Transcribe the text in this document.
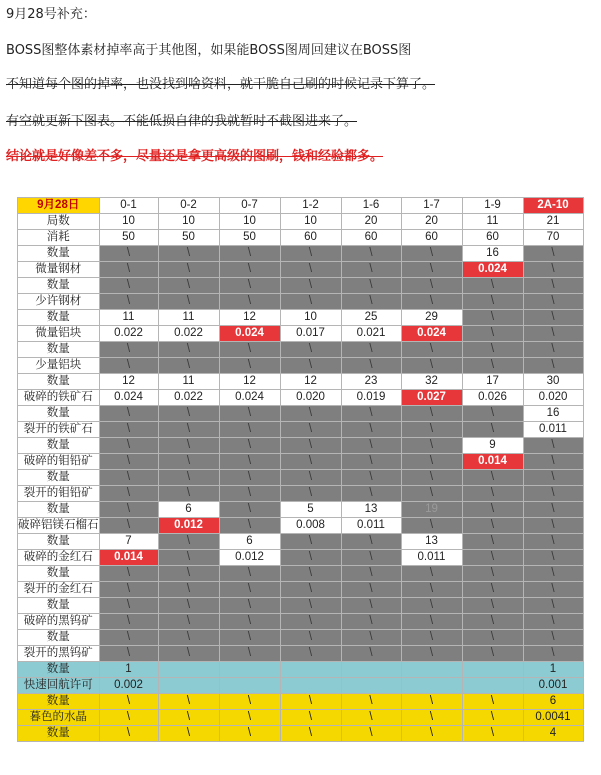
9月28号补充：
BOSS图整体素材掉率高于其他图，如果能BOSS图周回建议在BOSS图
不知道每个图的掉率，也没找到啥资料，就干脆自己刷的时候记录下算了。
有空就更新下图表。不能低损自律的我就暂时不截图进来了。
结论就是好像差不多，尽量还是拿更高级的图刷，钱和经验都多。
9月28日	0-1	0-2	0-7	1-2	1-6	1-7	1-9	2A-10
局数	10	10	10	10	20	20	11	21
消耗	50	50	50	60	60	60	60	70
数量	\	\	\	\	\	\	16	\
微量钢材	\	\	\	\	\	\	0.024	\
数量	\	\	\	\	\	\	\	\
少许钢材	\	\	\	\	\	\	\	\
数量	11	11	12	10	25	29	\	\
微量铝块	0.022	0.022	0.024	0.017	0.021	0.024	\	\
数量	\	\	\	\	\	\	\	\
少量铝块	\	\	\	\	\	\	\	\
数量	12	11	12	12	23	32	17	30
破碎的铁矿石	0.024	0.022	0.024	0.020	0.019	0.027	0.026	0.020
数量	\	\	\	\	\	\	\	16
裂开的铁矿石	\	\	\	\	\	\	\	0.011
数量	\	\	\	\	\	\	9	\
破碎的钼铅矿	\	\	\	\	\	\	0.014	\
数量	\	\	\	\	\	\	\	\
裂开的钼铅矿	\	\	\	\	\	\	\	\
数量	\	6	\	5	13	19	\	\
破碎铝镁石榴石	\	0.012	\	0.008	0.011	\	\	\
数量	7	\	6	\	\	13	\	\
破碎的金红石	0.014	\	0.012	\	\	0.011	\	\
数量	\	\	\	\	\	\	\	\
裂开的金红石	\	\	\	\	\	\	\	\
数量	\	\	\	\	\	\	\	\
破碎的黑钨矿	\	\	\	\	\	\	\	\
数量	\	\	\	\	\	\	\	\
裂开的黑钨矿	\	\	\	\	\	\	\	\
数量	1							1
快速回航许可	0.002							0.001
数量	\	\	\	\	\	\	\	6
暮色的水晶	\	\	\	\	\	\	\	0.0041
数量	\	\	\	\	\	\	\	4
